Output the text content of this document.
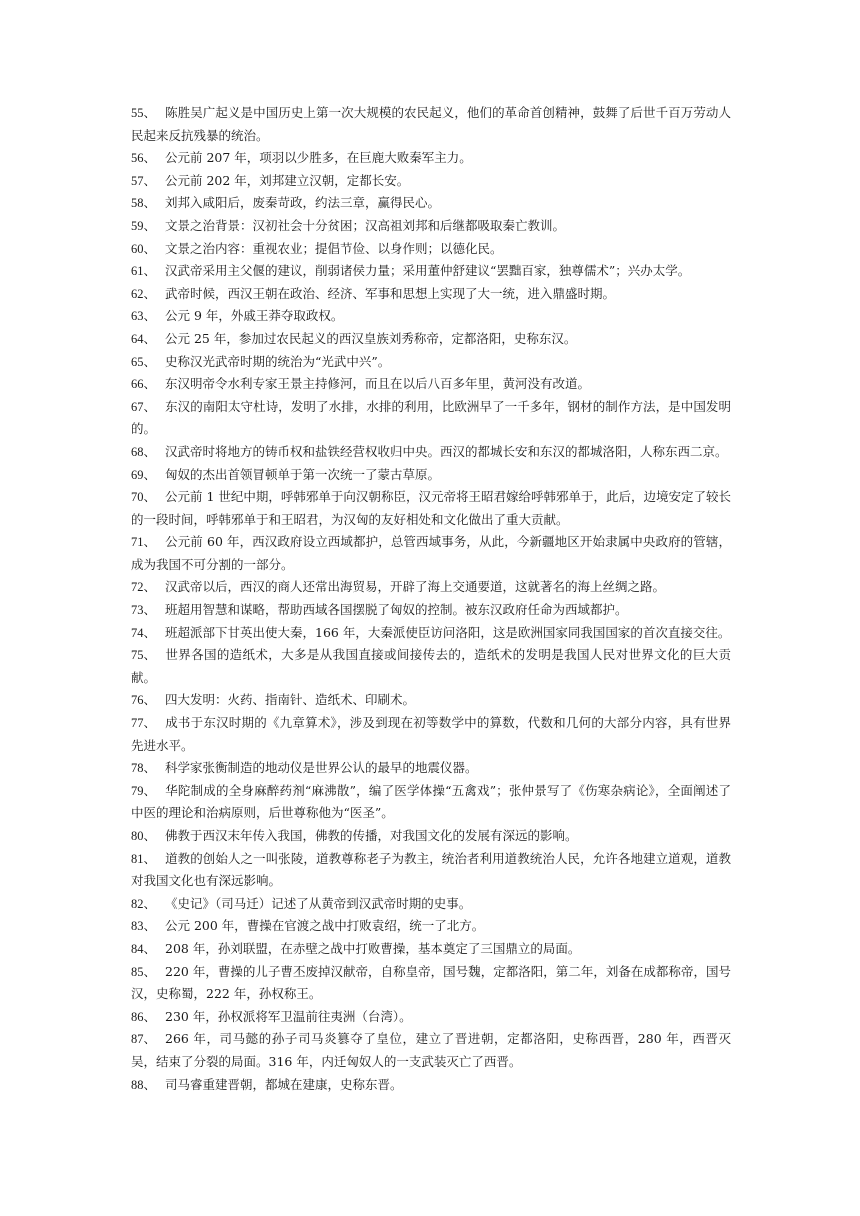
55、 陈胜吴广起义是中国历史上第一次大规模的农民起义，他们的革命首创精神，鼓舞了后世千百万劳动人民起来反抗残暴的统治。

56、 公元前 207 年，项羽以少胜多，在巨鹿大败秦军主力。

57、 公元前 202 年，刘邦建立汉朝，定都长安。

58、 刘邦入咸阳后，废秦苛政，约法三章，赢得民心。

59、 文景之治背景：汉初社会十分贫困；汉高祖刘邦和后继都吸取秦亡教训。

60、 文景之治内容：重视农业；提倡节俭、以身作则；以德化民。

61、 汉武帝采用主父偃的建议，削弱诸侯力量；采用董仲舒建议“罢黜百家，独尊儒术”；兴办太学。

62、 武帝时候，西汉王朝在政治、经济、军事和思想上实现了大一统，进入鼎盛时期。

63、 公元 9 年，外戚王莽夺取政权。

64、 公元 25 年，参加过农民起义的西汉皇族刘秀称帝，定都洛阳，史称东汉。

65、 史称汉光武帝时期的统治为“光武中兴”。

66、 东汉明帝令水利专家王景主持修河，而且在以后八百多年里，黄河没有改道。

67、 东汉的南阳太守杜诗，发明了水排，水排的利用，比欧洲早了一千多年，钢材的制作方法，是中国发明的。

68、 汉武帝时将地方的铸币权和盐铁经营权收归中央。西汉的都城长安和东汉的都城洛阳，人称东西二京。

69、 匈奴的杰出首领冒顿单于第一次统一了蒙古草原。

70、 公元前 1 世纪中期，呼韩邪单于向汉朝称臣，汉元帝将王昭君嫁给呼韩邪单于，此后，边境安定了较长的一段时间，呼韩邪单于和王昭君，为汉匈的友好相处和文化做出了重大贡献。

71、 公元前 60 年，西汉政府设立西域都护，总管西域事务，从此，今新疆地区开始隶属中央政府的管辖，成为我国不可分割的一部分。

72、 汉武帝以后，西汉的商人还常出海贸易，开辟了海上交通要道，这就著名的海上丝绸之路。

73、 班超用智慧和谋略，帮助西域各国摆脱了匈奴的控制。被东汉政府任命为西域都护。

74、 班超派部下甘英出使大秦，166 年，大秦派使臣访问洛阳，这是欧洲国家同我国国家的首次直接交往。

75、 世界各国的造纸术，大多是从我国直接或间接传去的，造纸术的发明是我国人民对世界文化的巨大贡献。

76、 四大发明：火药、指南针、造纸术、印刷术。

77、 成书于东汉时期的《九章算术》，涉及到现在初等数学中的算数，代数和几何的大部分内容，具有世界先进水平。

78、 科学家张衡制造的地动仪是世界公认的最早的地震仪器。

79、 华陀制成的全身麻醉药剂“麻沸散”，编了医学体操“五禽戏”；张仲景写了《伤寒杂病论》，全面阐述了中医的理论和治病原则，后世尊称他为“医圣”。

80、 佛教于西汉末年传入我国，佛教的传播，对我国文化的发展有深远的影响。

81、 道教的创始人之一叫张陵，道教尊称老子为教主，统治者利用道教统治人民，允许各地建立道观，道教对我国文化也有深远影响。

82、 《史记》（司马迁）记述了从黄帝到汉武帝时期的史事。

83、 公元 200 年，曹操在官渡之战中打败袁绍，统一了北方。

84、 208 年，孙刘联盟，在赤壁之战中打败曹操，基本奠定了三国鼎立的局面。

85、 220 年，曹操的儿子曹丕废掉汉献帝，自称皇帝，国号魏，定都洛阳，第二年，刘备在成都称帝，国号汉，史称蜀，222 年，孙权称王。

86、 230 年，孙权派将军卫温前往夷洲（台湾）。

87、 266 年，司马懿的孙子司马炎篡夺了皇位，建立了晋进朝，定都洛阳，史称西晋，280 年，西晋灭吴，结束了分裂的局面。316 年，内迁匈奴人的一支武装灭亡了西晋。

88、 司马睿重建晋朝，都城在建康，史称东晋。
